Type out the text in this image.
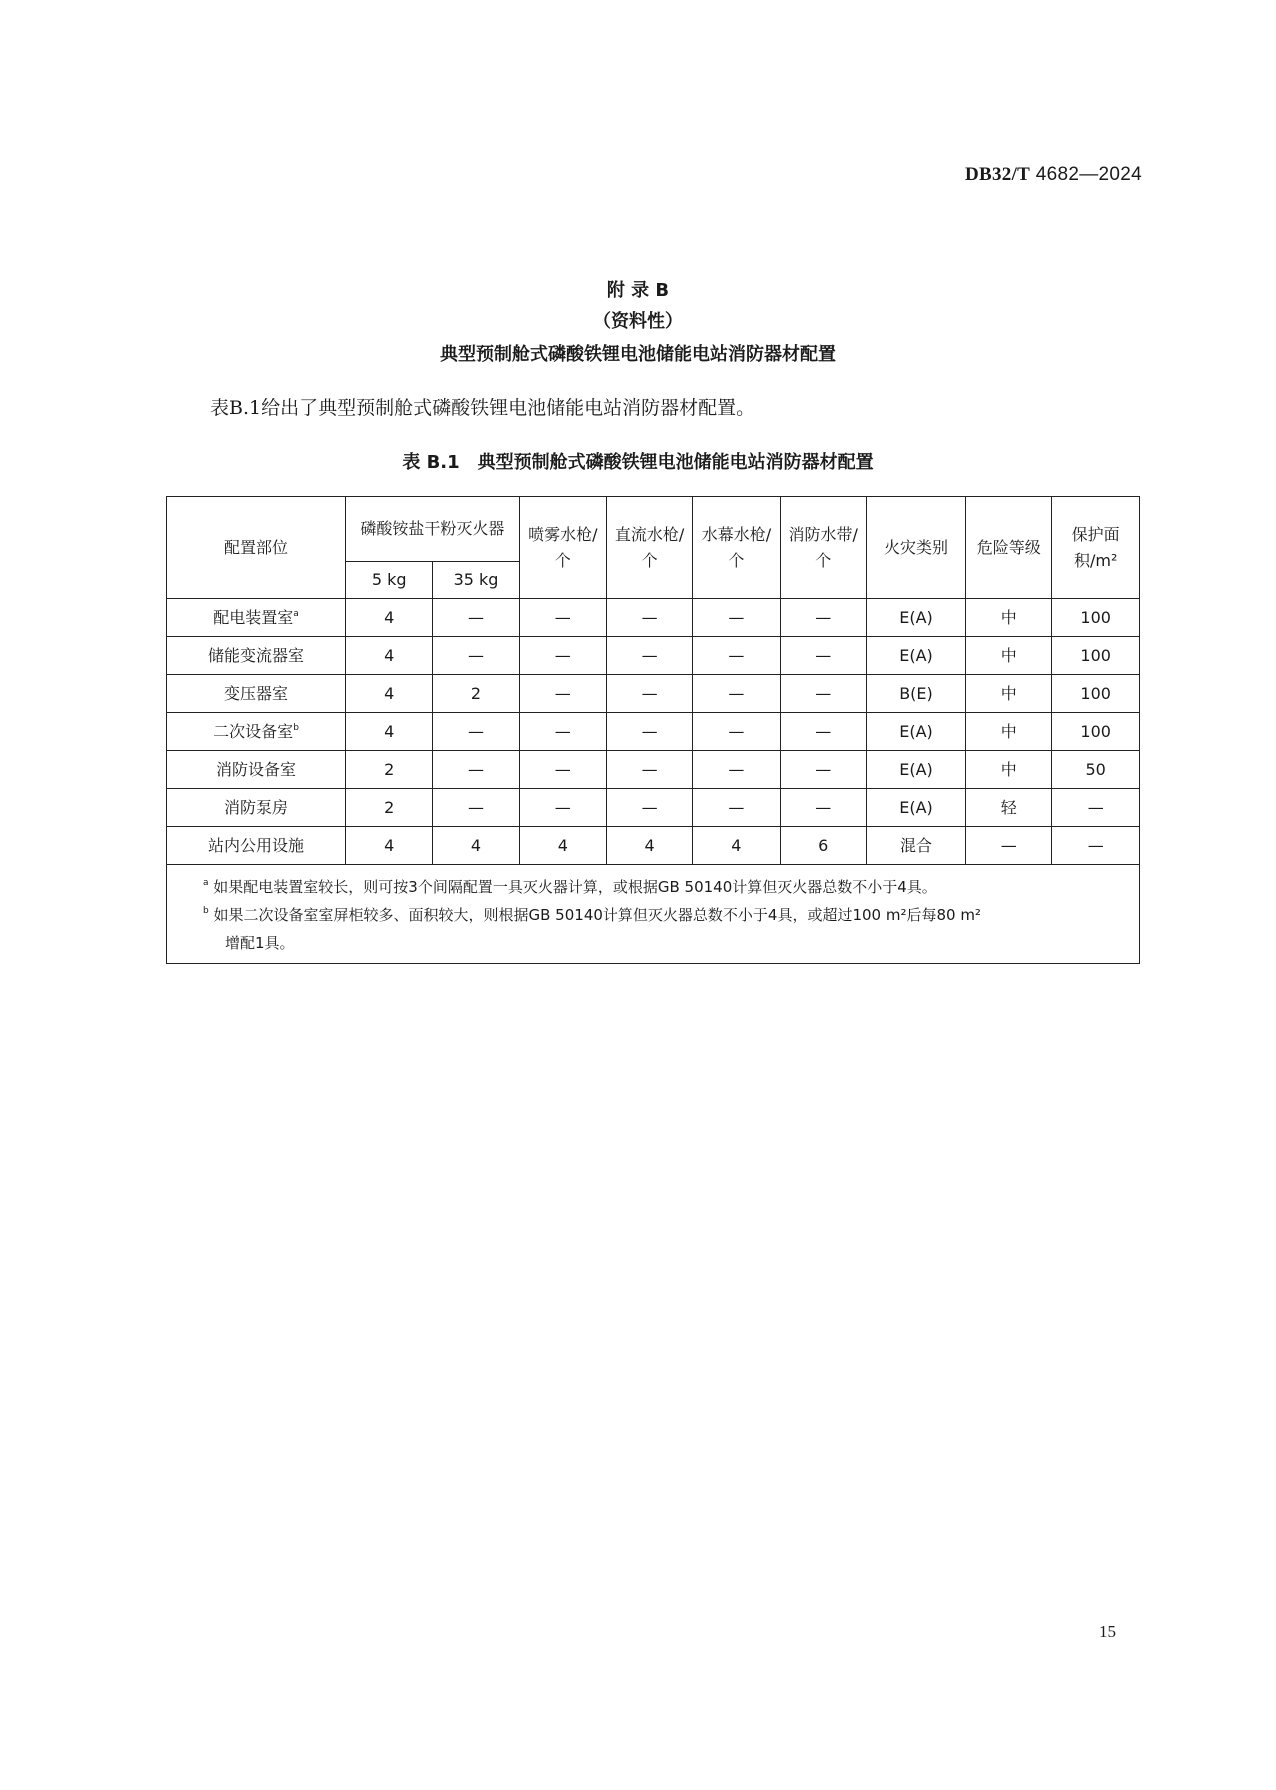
DB32/T 4682—2024
附 录 B
（资料性）
典型预制舱式磷酸铁锂电池储能电站消防器材配置
表B.1给出了典型预制舱式磷酸铁锂电池储能电站消防器材配置。
表 B.1　典型预制舱式磷酸铁锂电池储能电站消防器材配置
配置部位	磷酸铵盐干粉灭火器		喷雾水枪/个	直流水枪/个	水幕水枪/个	消防水带/个	火灾类别	危险等级	保护面积/m²
	5 kg	35 kg							
配电装置室$^a$	4	—	—	—	—	—	E(A)	中	100
储能变流器室	4	—	—	—	—	—	E(A)	中	100
变压器室	4	2	—	—	—	—	B(E)	中	100
二次设备室$^b$	4	—	—	—	—	—	E(A)	中	100
消防设备室	2	—	—	—	—	—	E(A)	中	50
消防泵房	2	—	—	—	—	—	E(A)	轻	—
站内公用设施	4	4	4	4	4	6	混合	—	—

$^a$ 如果配电装置室较长，则可按3个间隔配置一具灭火器计算，或根据GB 50140计算但灭火器总数不小于4具。
$^b$ 如果二次设备室室屏柜较多、面积较大，则根据GB 50140计算但灭火器总数不小于4具，或超过100 m²后每80 m²
增配1具。									
15
